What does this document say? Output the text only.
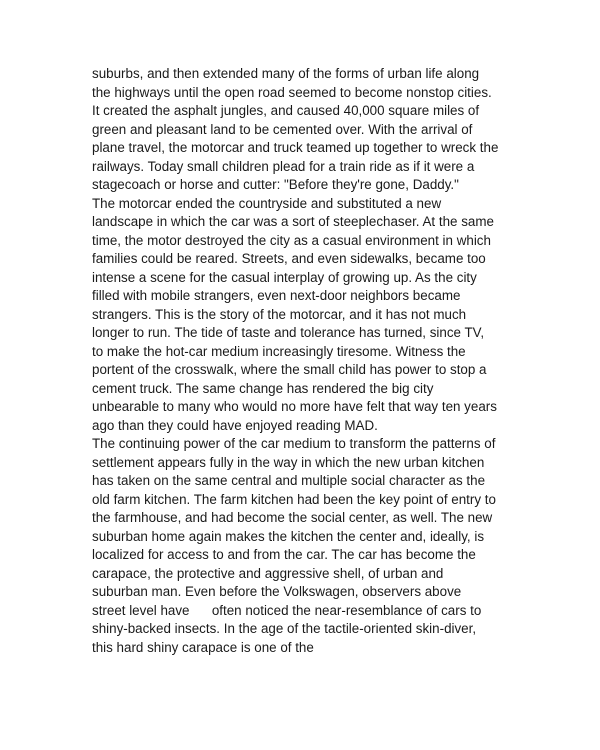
suburbs, and then extended many of the forms of urban life along
the highways until the open road seemed to become nonstop cities.
It created the asphalt jungles, and caused 40,000 square miles of
green and pleasant land to be cemented over. With the arrival of
plane travel, the motorcar and truck teamed up together to wreck the
railways. Today small children plead for a train ride as if it were a
stagecoach or horse and cutter: "Before they're gone, Daddy."
The motorcar ended the countryside and substituted a new
landscape in which the car was a sort of steeplechaser. At the same
time, the motor destroyed the city as a casual environment in which
families could be reared. Streets, and even sidewalks, became too
intense a scene for the casual interplay of growing up. As the city
filled with mobile strangers, even next-door neighbors became
strangers. This is the story of the motorcar, and it has not much
longer to run. The tide of taste and tolerance has turned, since TV,
to make the hot-car medium increasingly tiresome. Witness the
portent of the crosswalk, where the small child has power to stop a
cement truck. The same change has rendered the big city
unbearable to many who would no more have felt that way ten years
ago than they could have enjoyed reading MAD.
The continuing power of the car medium to transform the patterns of
settlement appears fully in the way in which the new urban kitchen
has taken on the same central and multiple social character as the
old farm kitchen. The farm kitchen had been the key point of entry to
the farmhouse, and had become the social center, as well. The new
suburban home again makes the kitchen the center and, ideally, is
localized for access to and from the car. The car has become the
carapace, the protective and aggressive shell, of urban and
suburban man. Even before the Volkswagen, observers above
street level have      often noticed the near-resemblance of cars to
shiny-backed insects. In the age of the tactile-oriented skin-diver,
this hard shiny carapace is one of the
